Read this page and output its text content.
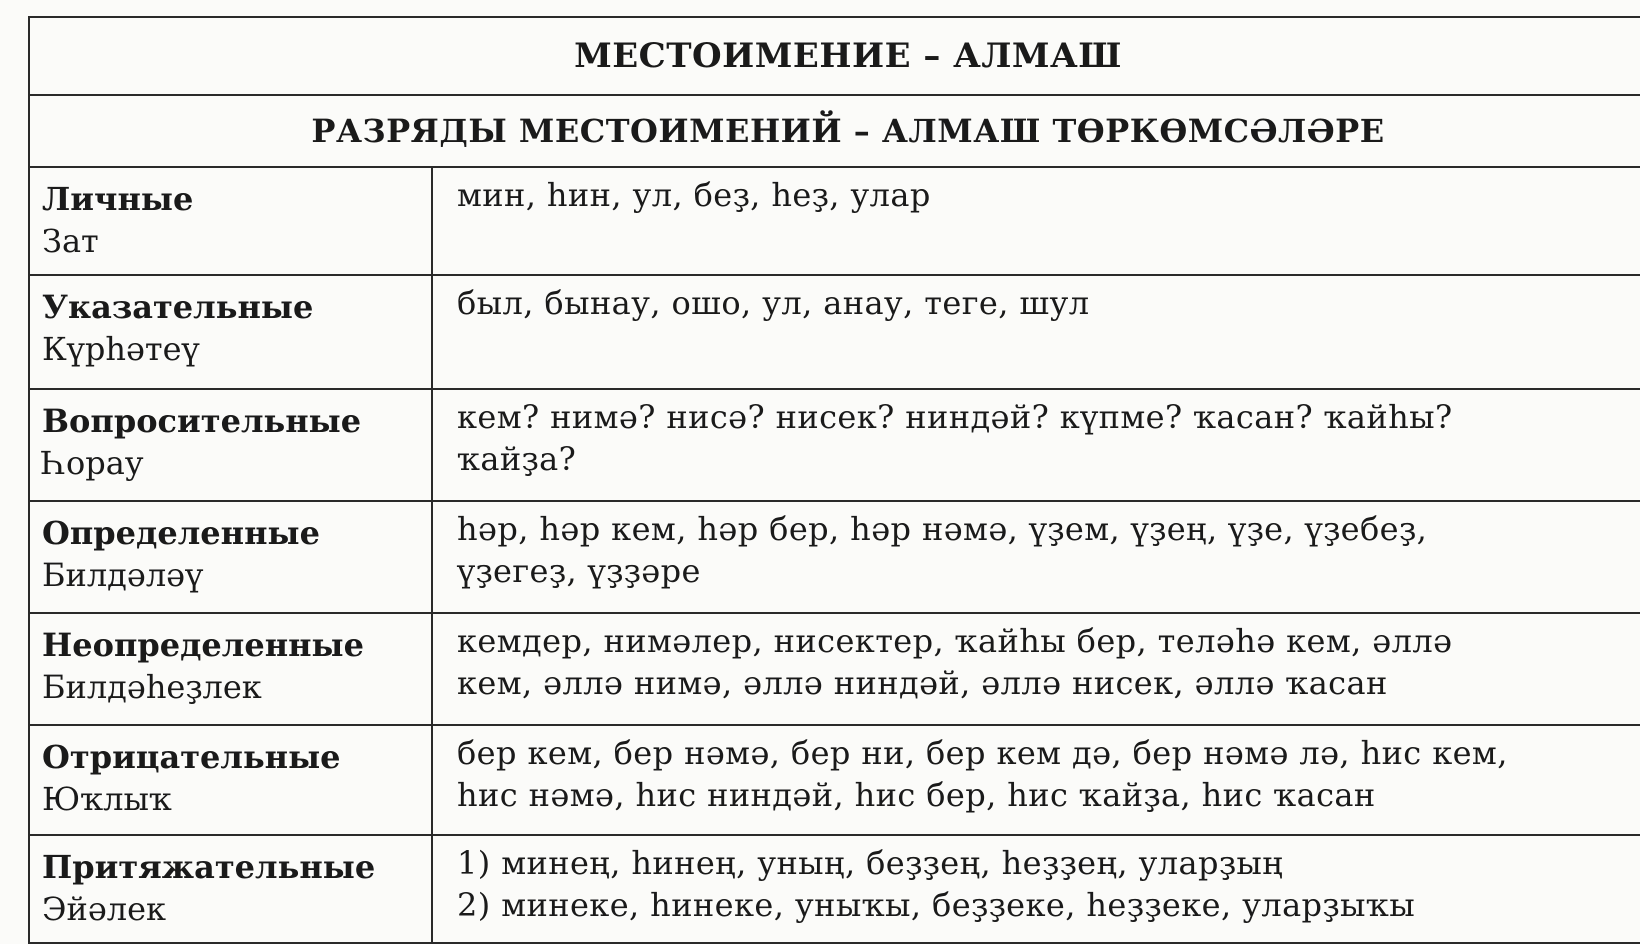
МЕСТОИМЕНИЕ – АЛМАШ	
РАЗРЯДЫ МЕСТОИМЕНИЙ – АЛМАШ ТӨРКӨМСӘЛӘРЕ	

Личные
Зат	мин, һин, ул, беҙ, һеҙ, улар

Указательные
Күрһәтеү	был, бынау, ошо, ул, анау, теге, шул

Вопросительные
Һорау	кем? нимә? нисә? нисек? ниндәй? күпме? ҡасан? ҡайһы?
ҡайҙа?

Определенные
Билдәләү	һәр, һәр кем, һәр бер, һәр нәмә, үҙем, үҙең, үҙе, үҙебеҙ,
үҙегеҙ, үҙҙәре

Неопределенные
Билдәһеҙлек	кемдер, нимәлер, нисектер, ҡайһы бер, теләһә кем, әллә
кем, әллә нимә, әллә ниндәй, әллә нисек, әллә ҡасан

Отрицательные
Юҡлыҡ	бер кем, бер нәмә, бер ни, бер кем дә, бер нәмә лә, һис кем,
һис нәмә, һис ниндәй, һис бер, һис ҡайҙа, һис ҡасан

Притяжательные
Эйәлек	1) минең, һинең, уның, беҙҙең, һеҙҙең, уларҙың
2) минеке, һинеке, уныҡы, беҙҙеке, һеҙҙеке, уларҙыҡы
